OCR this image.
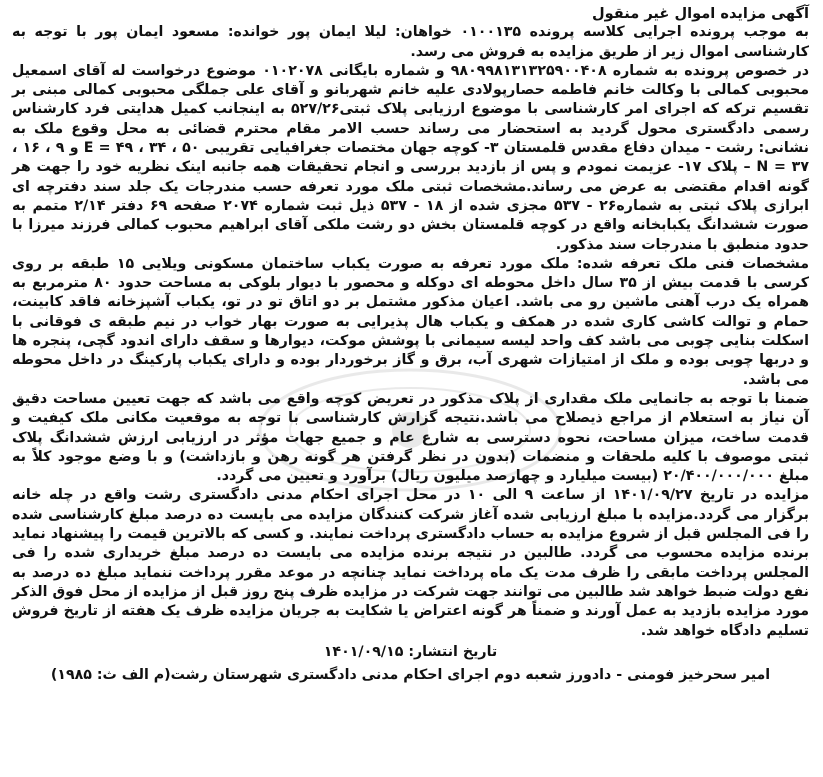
آگهی مزایده اموال غیر منقول

به موجب پرونده اجرایی کلاسه پرونده ۰۱۰۰۱۳۵ خواهان: لیلا ایمان پور خوانده: مسعود ایمان پور با توجه به کارشناسی اموال زیر از طریق مزایده به فروش می رسد.

در خصوص پرونده به شماره ۹۸۰۹۹۸۱۳۱۳۲۵۹۰۰۴۰۸ و شماره بایگانی ۰۱۰۲۰۷۸ موضوع درخواست له آقای اسمعیل محبوبی کمالی با وکالت خانم فاطمه حصارپولادی علیه خانم شهربانو و آقای علی جملگی محبوبی کمالی مبنی بر تقسیم ترکه که اجرای امر کارشناسی با موضوع ارزیابی پلاک ثبتی۵۲۷/۲۶ به اینجانب کمیل هدایتی فرد کارشناس رسمی دادگستری محول گردید به استحضار می رساند حسب الامر مقام محترم قضائی به محل وقوع ملک به نشانی: رشت - میدان دفاع مقدس قلمستان ۳- کوچه جهان مختصات جغرافیایی تقریبی ۵۰ ، ۳۴ ، ۴۹ = E و ۹ ، ۱۶ ، ۳۷ = N – پلاک ۱۷- عزیمت نمودم و پس از بازدید بررسی و انجام تحقیقات همه جانبه اینک نظریه خود را جهت هر گونه اقدام مقتضی به عرض می رساند.مشخصات ثبتی ملک مورد تعرفه حسب مندرجات یک جلد سند دفترچه ای ابرازی پلاک ثبتی به شماره۲۶ - ۵۳۷ مجزی شده از ۱۸ - ۵۳۷ ذیل ثبت شماره ۲۰۷۴ صفحه ۶۹ دفتر ۲/۱۴ متمم به صورت ششدانگ یکبابخانه واقع در کوچه قلمستان بخش دو رشت ملکی آقای ابراهیم محبوب کمالی فرزند میرزا با حدود منطبق با مندرجات سند مذکور.

مشخصات فنی ملک تعرفه شده: ملک مورد تعرفه به صورت یکباب ساختمان مسکونی ویلایی ۱۵ طبقه بر روی کرسی با قدمت بیش از ۳۵ سال داخل محوطه ای دوکله و محصور با دیوار بلوکی به مساحت حدود ۸۰ مترمربع به همراه یک درب آهنی ماشین رو می باشد. اعیان مذکور مشتمل بر دو اتاق تو در تو، یکباب آشپزخانه فاقد کابینت، حمام و توالت کاشی کاری شده در همکف و یکباب هال پذیرایی به صورت بهار خواب در نیم طبقه ی فوقانی با اسکلت بنایی چوبی می باشد کف واحد لیسه سیمانی با پوشش موکت، دیوارها و سقف دارای اندود گچی، پنجره ها و دربها چوبی بوده و ملک از امتیازات شهری آب، برق و گاز برخوردار بوده و دارای یکباب پارکینگ در داخل محوطه می باشد.

ضمنا با توجه به جانمایی ملک مقداری از پلاک مذکور در تعریض کوچه واقع می باشد که جهت تعیین مساحت دقیق آن نیاز به استعلام از مراجع ذیصلاح می باشد.نتیجه گزارش کارشناسی با توجه به موقعیت مکانی ملک کیفیت و قدمت ساخت، میزان مساحت، نحوه دسترسی به شارع عام و جمیع جهات مؤثر در ارزیابی ارزش ششدانگ پلاک ثبتی موصوف با کلیه ملحقات و منضمات (بدون در نظر گرفتن هر گونه رهن و بازداشت) و با وضع موجود کلاً به مبلغ ۲۰/۴۰۰/۰۰۰/۰۰۰ (بیست میلیارد و چهارصد میلیون ریال) برآورد و تعیین می گردد.

مزایده در تاریخ ۱۴۰۱/۰۹/۲۷ از ساعت ۹ الی ۱۰ در محل اجرای احکام مدنی دادگستری رشت واقع در چله خانه برگزار می گردد.مزایده با مبلغ ارزیابی شده آغاز شرکت کنندگان مزایده می بایست ده درصد مبلغ کارشناسی شده را فی المجلس قبل از شروع مزایده به حساب دادگستری پرداخت نمایند. و کسی که بالاترین قیمت را پیشنهاد نماید برنده مزایده محسوب می گردد. طالبین در نتیجه برنده مزایده می بایست ده درصد مبلغ خریداری شده را فی المجلس پرداخت مابقی را ظرف مدت یک ماه پرداخت نماید چنانچه در موعد مقرر پرداخت ننماید مبلغ ده درصد به نفع دولت ضبط خواهد شد طالبین می توانند جهت شرکت در مزایده ظرف پنج روز قبل از مزایده از محل فوق الذکر مورد مزایده بازدید به عمل آورند و ضمناً هر گونه اعتراض یا شکایت به جریان مزایده ظرف یک هفته از تاریخ فروش تسلیم دادگاه خواهد شد.

تاریخ انتشار: ۱۴۰۱/۰۹/۱۵
امیر سحرخیز فومنی - دادورز شعبه دوم اجرای احکام مدنی دادگستری شهرستان رشت(م الف ث: ۱۹۸۵)
